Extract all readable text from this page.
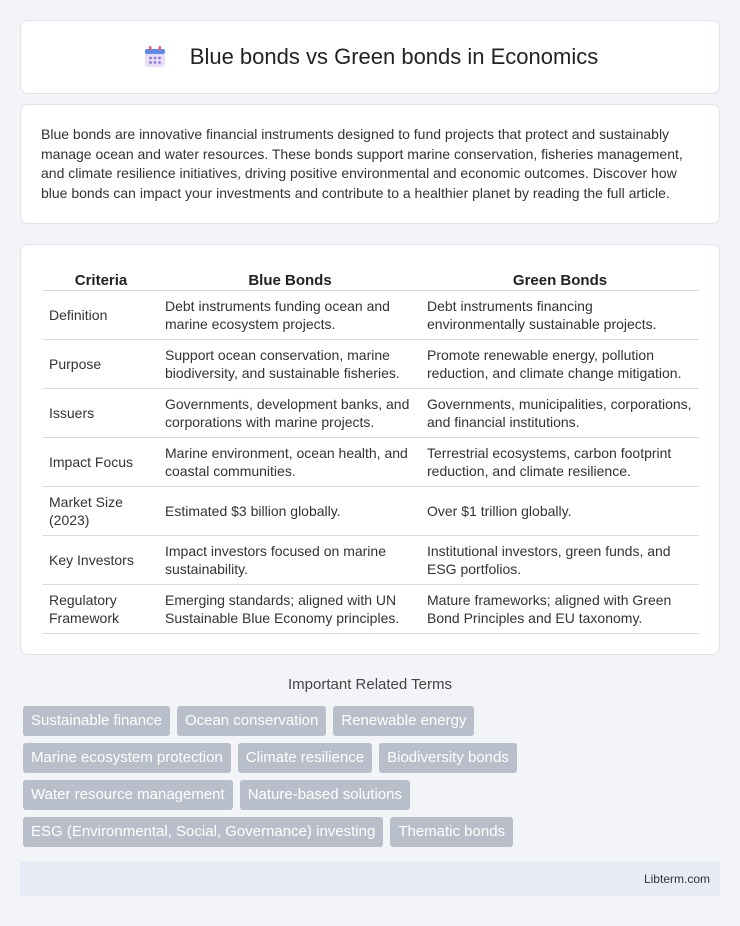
Blue bonds vs Green bonds in Economics

Blue bonds are innovative financial instruments designed to fund projects that protect and sustainably manage ocean and water resources. These bonds support marine conservation, fisheries management, and climate resilience initiatives, driving positive environmental and economic outcomes. Discover how blue bonds can impact your investments and contribute to a healthier planet by reading the full article.

Criteria	Blue Bonds	Green Bonds
Definition	Debt instruments funding ocean and marine ecosystem projects.	Debt instruments financing environmentally sustainable projects.
Purpose	Support ocean conservation, marine biodiversity, and sustainable fisheries.	Promote renewable energy, pollution reduction, and climate change mitigation.
Issuers	Governments, development banks, and corporations with marine projects.	Governments, municipalities, corporations, and financial institutions.
Impact Focus	Marine environment, ocean health, and coastal communities.	Terrestrial ecosystems, carbon footprint reduction, and climate resilience.
Market Size (2023)	Estimated $3 billion globally.	Over $1 trillion globally.
Key Investors	Impact investors focused on marine sustainability.	Institutional investors, green funds, and ESG portfolios.
Regulatory Framework	Emerging standards; aligned with UN Sustainable Blue Economy principles.	Mature frameworks; aligned with Green Bond Principles and EU taxonomy.
Important Related Terms
Sustainable finance	Ocean conservation	Renewable energy
Marine ecosystem protection	Climate resilience	Biodiversity bonds
Water resource management	Nature-based solutions
ESG (Environmental, Social, Governance) investing	Thematic bonds
Libterm.com
